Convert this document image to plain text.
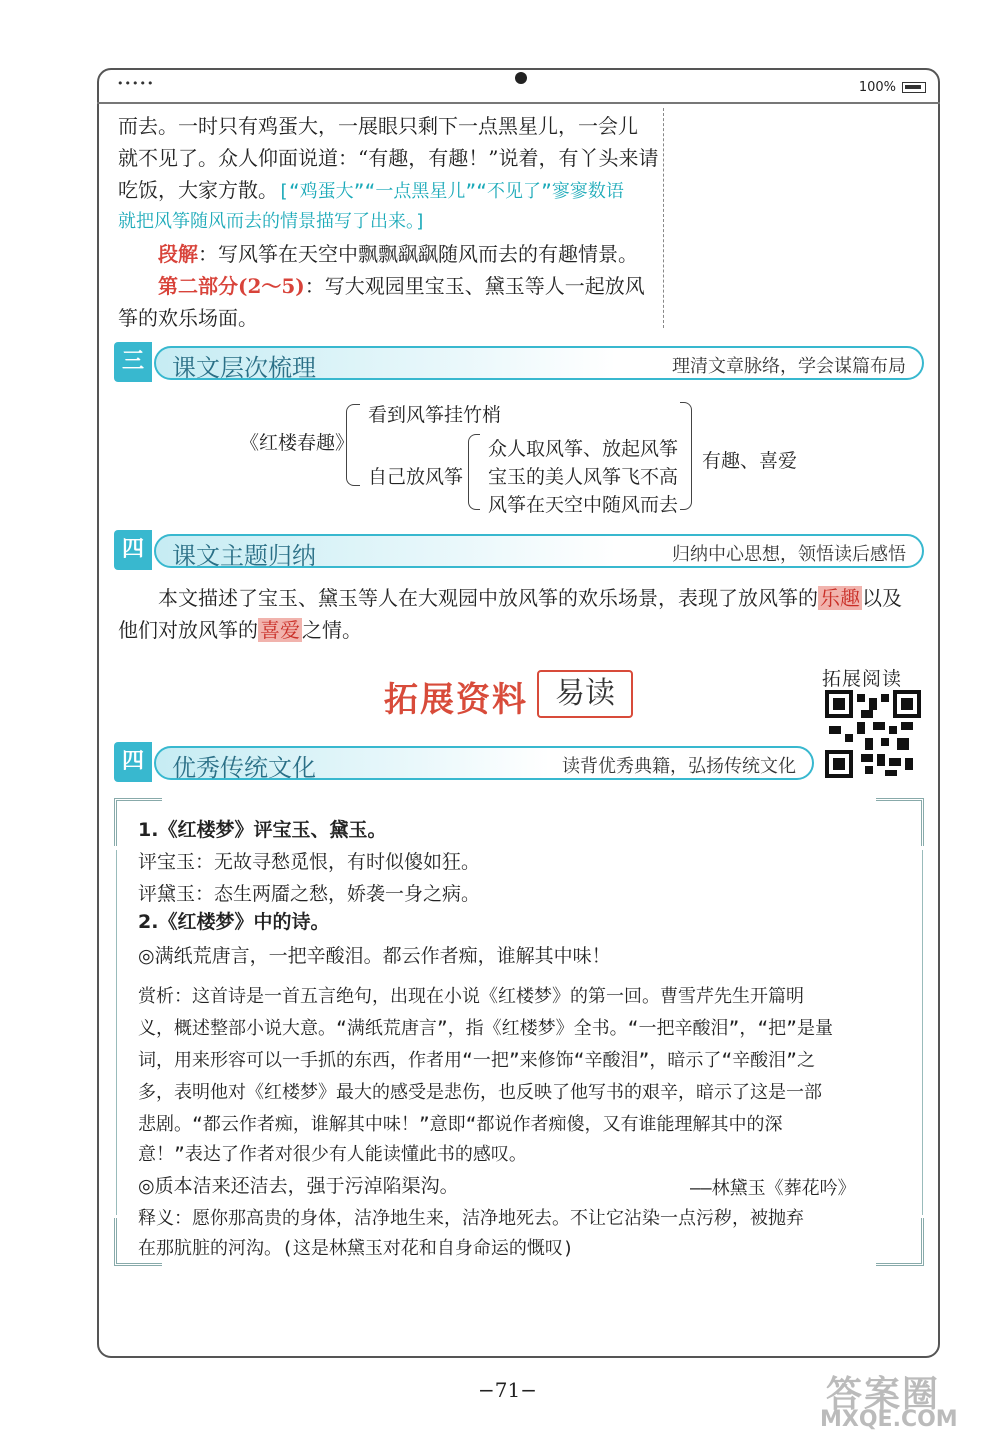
•••••	100%
而去。一时只有鸡蛋大，一展眼只剩下一点黑星儿，一会儿
就不见了。众人仰面说道：“有趣，有趣！”说着，有丫头来请
吃饭，大家方散。[“鸡蛋大”“一点黑星儿”“不见了”寥寥数语
就把风筝随风而去的情景描写了出来。]
段解：写风筝在天空中飘飘飖飖随风而去的有趣情景。
第二部分(2～5)：写大观园里宝玉、黛玉等人一起放风
筝的欢乐场面。
三	课文层次梳理	理清文章脉络，学会谋篇布局
《红楼春趣》
看到风筝挂竹梢
自己放风筝
众人取风筝、放起风筝
宝玉的美人风筝飞不高
风筝在天空中随风而去
有趣、喜爱
四	课文主题归纳	归纳中心思想，领悟读后感悟
本文描述了宝玉、黛玉等人在大观园中放风筝的欢乐场景，表现了放风筝的 乐趣 以及
他们对放风筝的 喜爱 之情。
拓展资料 易读	拓展阅读
四	优秀传统文化	读背优秀典籍，弘扬传统文化
1.《红楼梦》评宝玉、黛玉。
评宝玉：无故寻愁觅恨，有时似傻如狂。
评黛玉：态生两靥之愁，娇袭一身之病。
2.《红楼梦》中的诗。
◎满纸荒唐言，一把辛酸泪。都云作者痴，谁解其中味！
赏析：这首诗是一首五言绝句，出现在小说《红楼梦》的第一回。曹雪芹先生开篇明
义，概述整部小说大意。“满纸荒唐言”，指《红楼梦》全书。“一把辛酸泪”，“把”是量
词，用来形容可以一手抓的东西，作者用“一把”来修饰“辛酸泪”，暗示了“辛酸泪”之
多，表明他对《红楼梦》最大的感受是悲伤，也反映了他写书的艰辛，暗示了这是一部
悲剧。“都云作者痴，谁解其中味！”意即“都说作者痴傻，又有谁能理解其中的深
意！”表达了作者对很少有人能读懂此书的感叹。
◎质本洁来还洁去，强于污淖陷渠沟。	——林黛玉《葬花吟》
释义：愿你那高贵的身体，洁净地生来，洁净地死去。不让它沾染一点污秽，被抛弃
在那肮脏的河沟。(这是林黛玉对花和自身命运的慨叹)
−71−	答案圈
MXQE.COM
